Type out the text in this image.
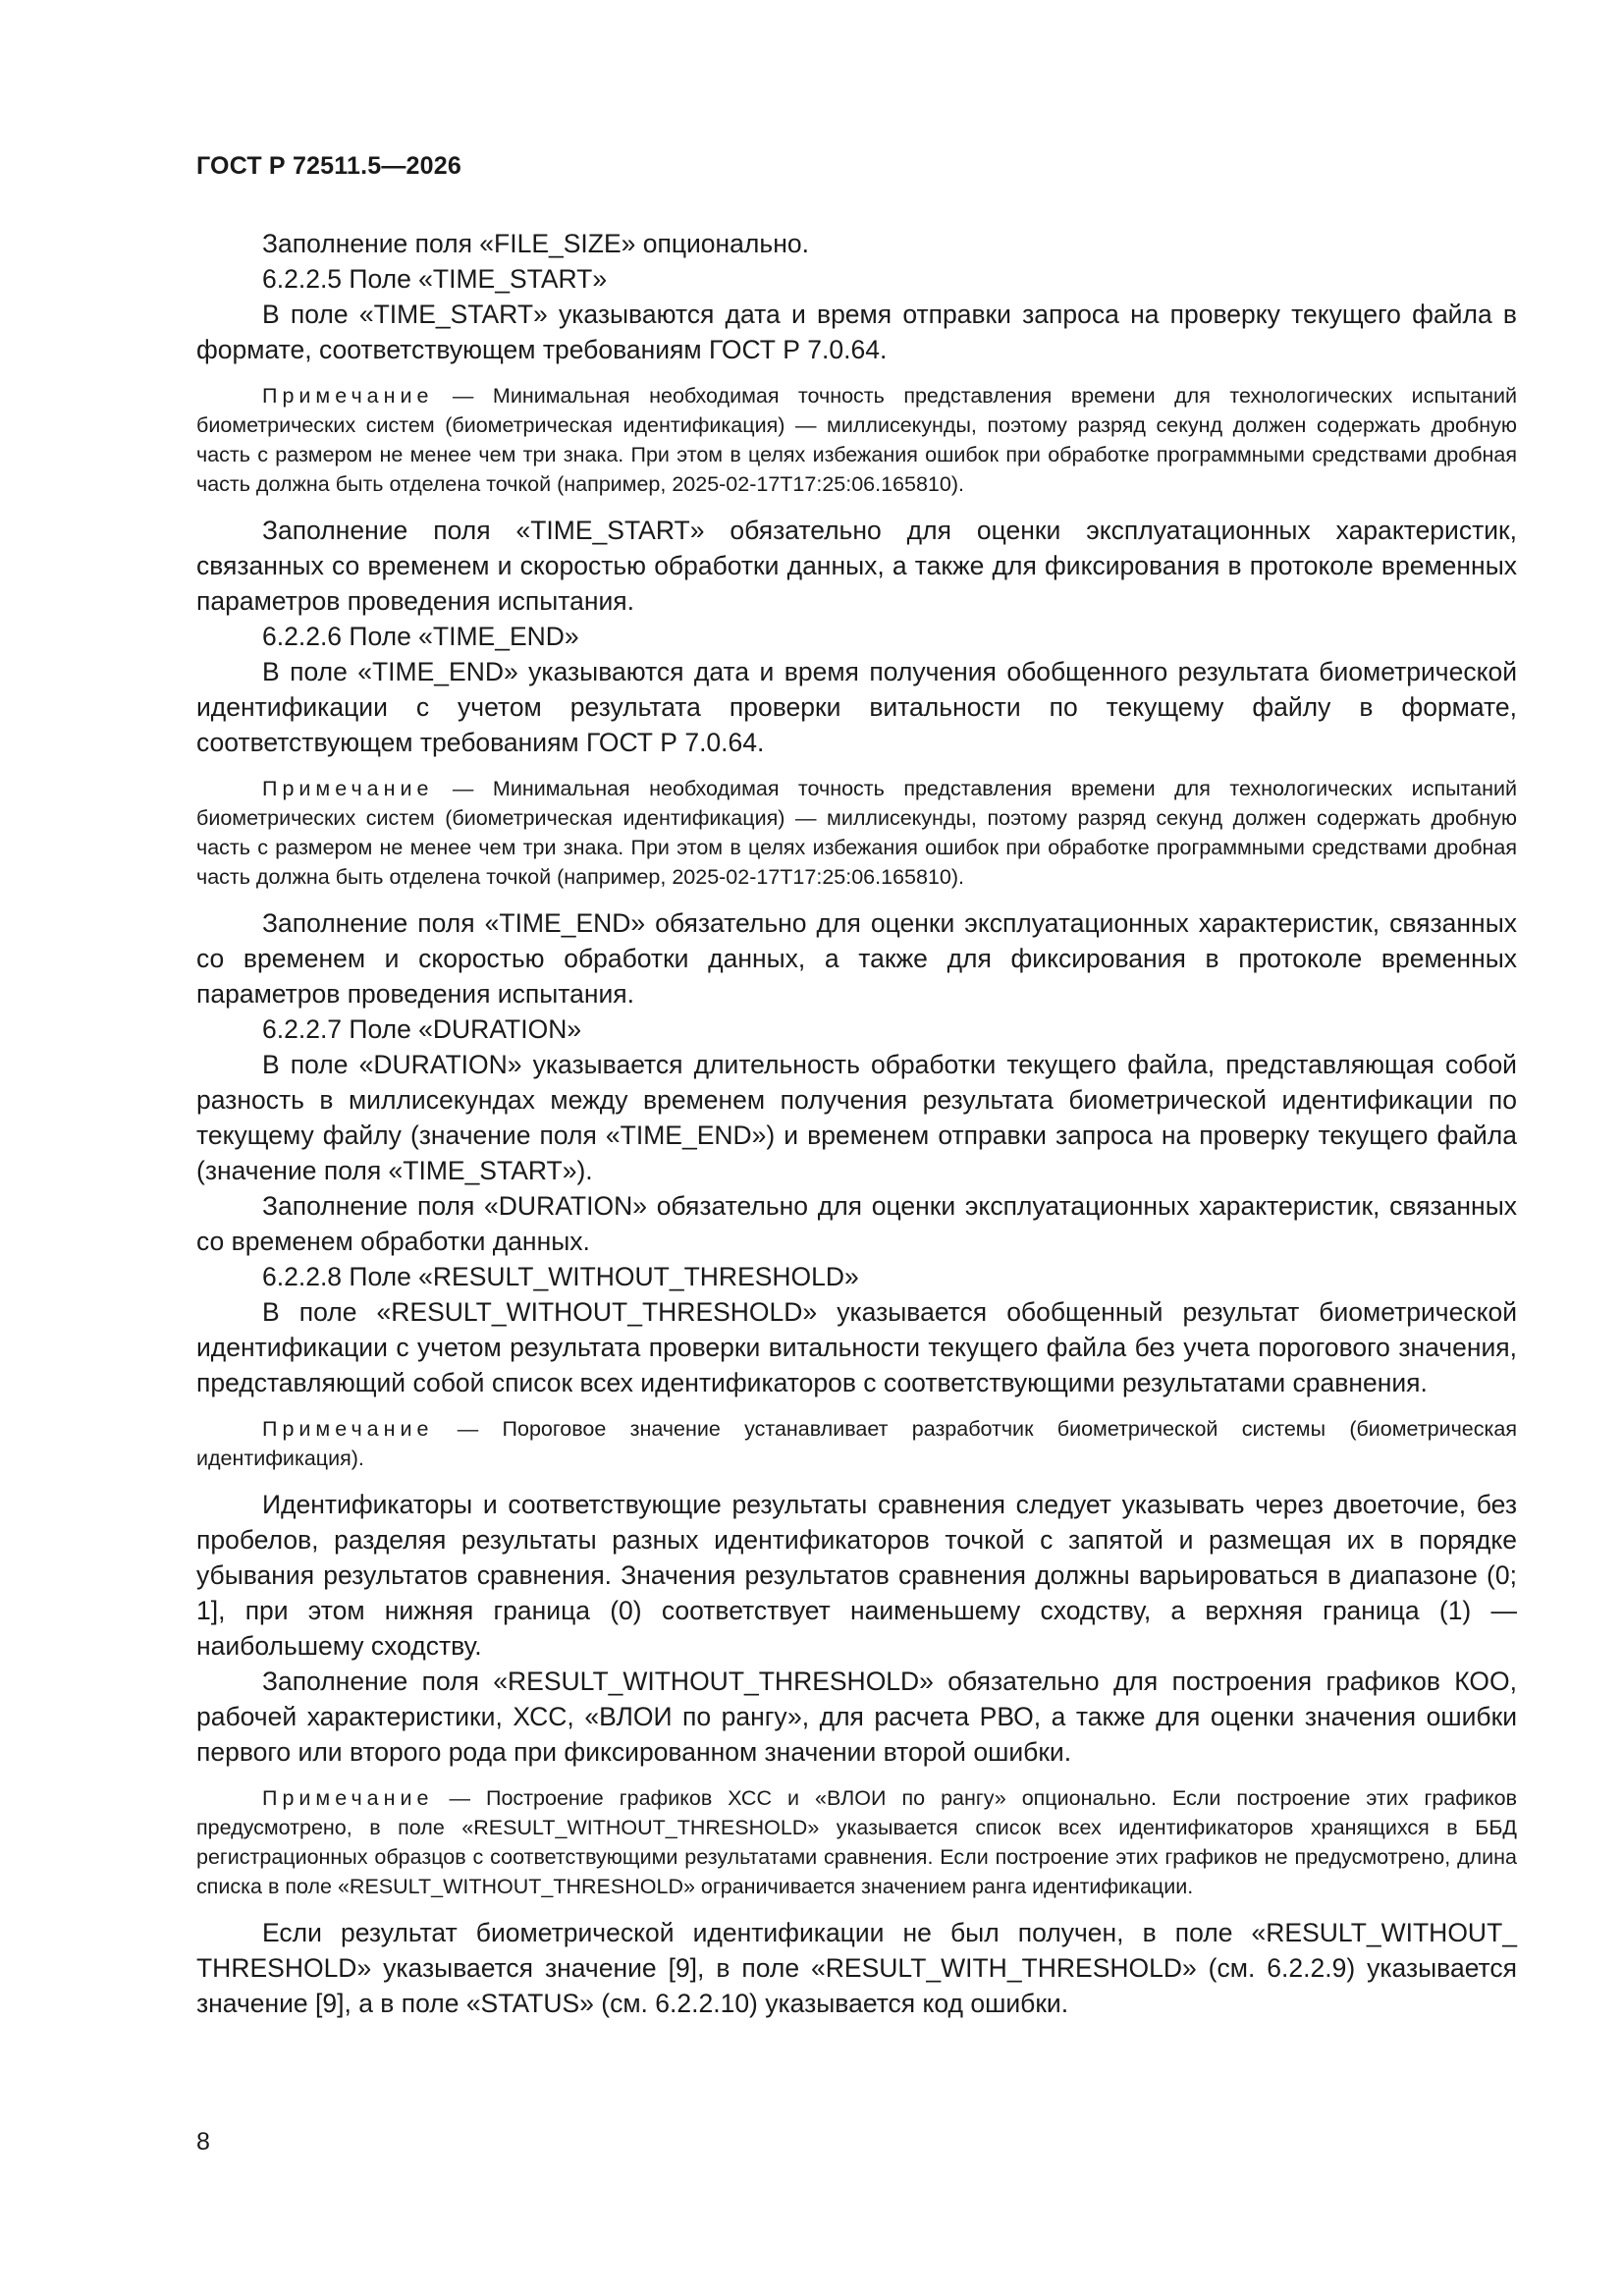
ГОСТ Р 72511.5—2026

Заполнение поля «FILE_SIZE» опционально.

6.2.2.5 Поле «TIME_START»

В поле «TIME_START» указываются дата и время отправки запроса на проверку текущего файла в формате, соответствующем требованиям ГОСТ Р 7.0.64.

Примечание — Минимальная необходимая точность представления времени для технологических испытаний биометрических систем (биометрическая идентификация) — миллисекунды, поэтому разряд секунд должен содержать дробную часть с размером не менее чем три знака. При этом в целях избежания ошибок при обработке программными средствами дробная часть должна быть отделена точкой (например, 2025-02-17T17:25:06.165810).

Заполнение поля «TIME_START» обязательно для оценки эксплуатационных характеристик, связанных со временем и скоростью обработки данных, а также для фиксирования в протоколе временных параметров проведения испытания.

6.2.2.6 Поле «TIME_END»

В поле «TIME_END» указываются дата и время получения обобщенного результата биометрической идентификации с учетом результата проверки витальности по текущему файлу в формате, соответствующем требованиям ГОСТ Р 7.0.64.

Примечание — Минимальная необходимая точность представления времени для технологических испытаний биометрических систем (биометрическая идентификация) — миллисекунды, поэтому разряд секунд должен содержать дробную часть с размером не менее чем три знака. При этом в целях избежания ошибок при обработке программными средствами дробная часть должна быть отделена точкой (например, 2025-02-17T17:25:06.165810).

Заполнение поля «TIME_END» обязательно для оценки эксплуатационных характеристик, связанных со временем и скоростью обработки данных, а также для фиксирования в протоколе временных параметров проведения испытания.

6.2.2.7 Поле «DURATION»

В поле «DURATION» указывается длительность обработки текущего файла, представляющая собой разность в миллисекундах между временем получения результата биометрической идентификации по текущему файлу (значение поля «TIME_END») и временем отправки запроса на проверку текущего файла (значение поля «TIME_START»).

Заполнение поля «DURATION» обязательно для оценки эксплуатационных характеристик, связанных со временем обработки данных.

6.2.2.8 Поле «RESULT_WITHOUT_THRESHOLD»

В поле «RESULT_WITHOUT_THRESHOLD» указывается обобщенный результат биометрической идентификации с учетом результата проверки витальности текущего файла без учета порогового значения, представляющий собой список всех идентификаторов с соответствующими результатами сравнения.

Примечание — Пороговое значение устанавливает разработчик биометрической системы (биометрическая идентификация).

Идентификаторы и соответствующие результаты сравнения следует указывать через двоеточие, без пробелов, разделяя результаты разных идентификаторов точкой с запятой и размещая их в порядке убывания результатов сравнения. Значения результатов сравнения должны варьироваться в диапазоне (0; 1], при этом нижняя граница (0) соответствует наименьшему сходству, а верхняя граница (1) — наибольшему сходству.

Заполнение поля «RESULT_WITHOUT_THRESHOLD» обязательно для построения графиков КОО, рабочей характеристики, ХСС, «ВЛОИ по рангу», для расчета РВО, а также для оценки значения ошибки первого или второго рода при фиксированном значении второй ошибки.

Примечание — Построение графиков ХСС и «ВЛОИ по рангу» опционально. Если построение этих графиков предусмотрено, в поле «RESULT_WITHOUT_THRESHOLD» указывается список всех идентификаторов хранящихся в ББД регистрационных образцов с соответствующими результатами сравнения. Если построение этих графиков не предусмотрено, длина списка в поле «RESULT_WITHOUT_THRESHOLD» ограничивается значением ранга идентификации.

Если результат биометрической идентификации не был получен, в поле «RESULT_WITHOUT_ THRESHOLD» указывается значение [9], в поле «RESULT_WITH_THRESHOLD» (см. 6.2.2.9) указывается значение [9], а в поле «STATUS» (см. 6.2.2.10) указывается код ошибки.

8
